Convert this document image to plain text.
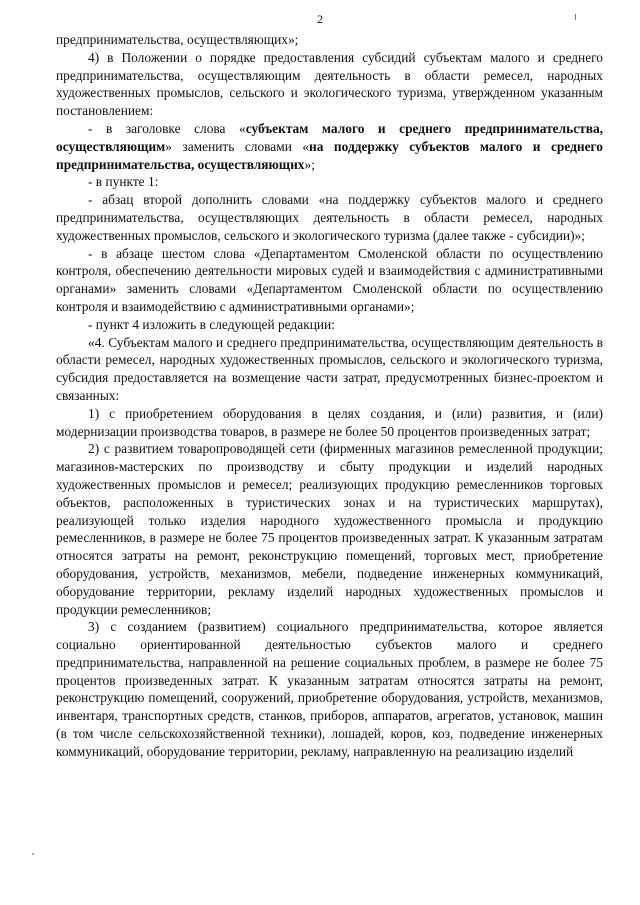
2

предпринимательства, осуществляющих»;

4) в Положении о порядке предоставления субсидий субъектам малого и среднего предпринимательства, осуществляющим деятельность в области ремесел, народных художественных промыслов, сельского и экологического туризма, утвержденном указанным постановлением:

- в заголовке слова «субъектам малого и среднего предпринимательства, осуществляющим» заменить словами «на поддержку субъектов малого и среднего предпринимательства, осуществляющих»;

- в пункте 1:

- абзац второй дополнить словами «на поддержку субъектов малого и среднего предпринимательства, осуществляющих деятельность в области ремесел, народных художественных промыслов, сельского и экологического туризма (далее также - субсидии)»;

- в абзаце шестом слова «Департаментом Смоленской области по осуществлению контроля, обеспечению деятельности мировых судей и взаимодействия с административными органами» заменить словами «Департаментом Смоленской области по осуществлению контроля и взаимодействию с административными органами»;

- пункт 4 изложить в следующей редакции:

«4. Субъектам малого и среднего предпринимательства, осуществляющим деятельность в области ремесел, народных художественных промыслов, сельского и экологического туризма, субсидия предоставляется на возмещение части затрат, предусмотренных бизнес-проектом и связанных:

1) с приобретением оборудования в целях создания, и (или) развития, и (или) модернизации производства товаров, в размере не более 50 процентов произведенных затрат;

2) с развитием товаропроводящей сети (фирменных магазинов ремесленной продукции; магазинов-мастерских по производству и сбыту продукции и изделий народных художественных промыслов и ремесел; реализующих продукцию ремесленников торговых объектов, расположенных в туристических зонах и на туристических маршрутах), реализующей только изделия народного художественного промысла и продукцию ремесленников, в размере не более 75 процентов произведенных затрат. К указанным затратам относятся затраты на ремонт, реконструкцию помещений, торговых мест, приобретение оборудования, устройств, механизмов, мебели, подведение инженерных коммуникаций, оборудование территории, рекламу изделий народных художественных промыслов и продукции ремесленников;

3) с созданием (развитием) социального предпринимательства, которое является социально ориентированной деятельностью субъектов малого и среднего предпринимательства, направленной на решение социальных проблем, в размере не более 75 процентов произведенных затрат. К указанным затратам относятся затраты на ремонт, реконструкцию помещений, сооружений, приобретение оборудования, устройств, механизмов, инвентаря, транспортных средств, станков, приборов, аппаратов, агрегатов, установок, машин (в том числе сельскохозяйственной техники), лошадей, коров, коз, подведение инженерных коммуникаций, оборудование территории, рекламу, направленную на реализацию изделий
